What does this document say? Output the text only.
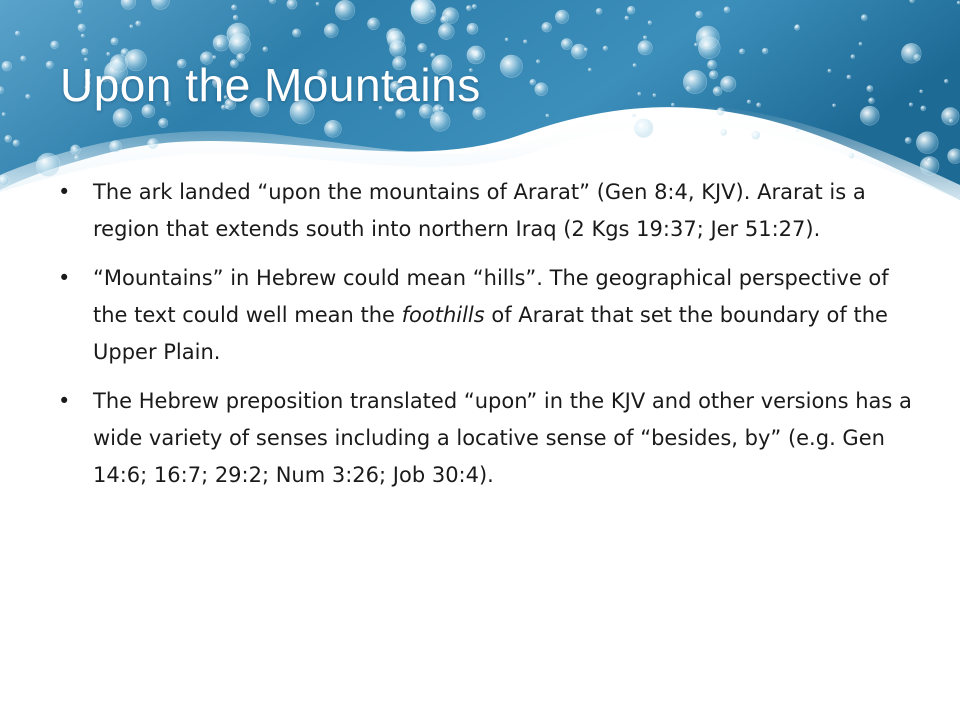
Upon the Mountains
• The ark landed “upon the mountains of Ararat” (Gen 8:4, KJV). Ararat is a region that extends south into northern Iraq (2 Kgs 19:37; Jer 51:27).
• “Mountains” in Hebrew could mean “hills”. The geographical perspective of the text could well mean the foothills of Ararat that set the boundary of the Upper Plain.
• The Hebrew preposition translated “upon” in the KJV and other versions has a wide variety of senses including a locative sense of “besides, by” (e.g. Gen 14:6; 16:7; 29:2; Num 3:26; Job 30:4).
